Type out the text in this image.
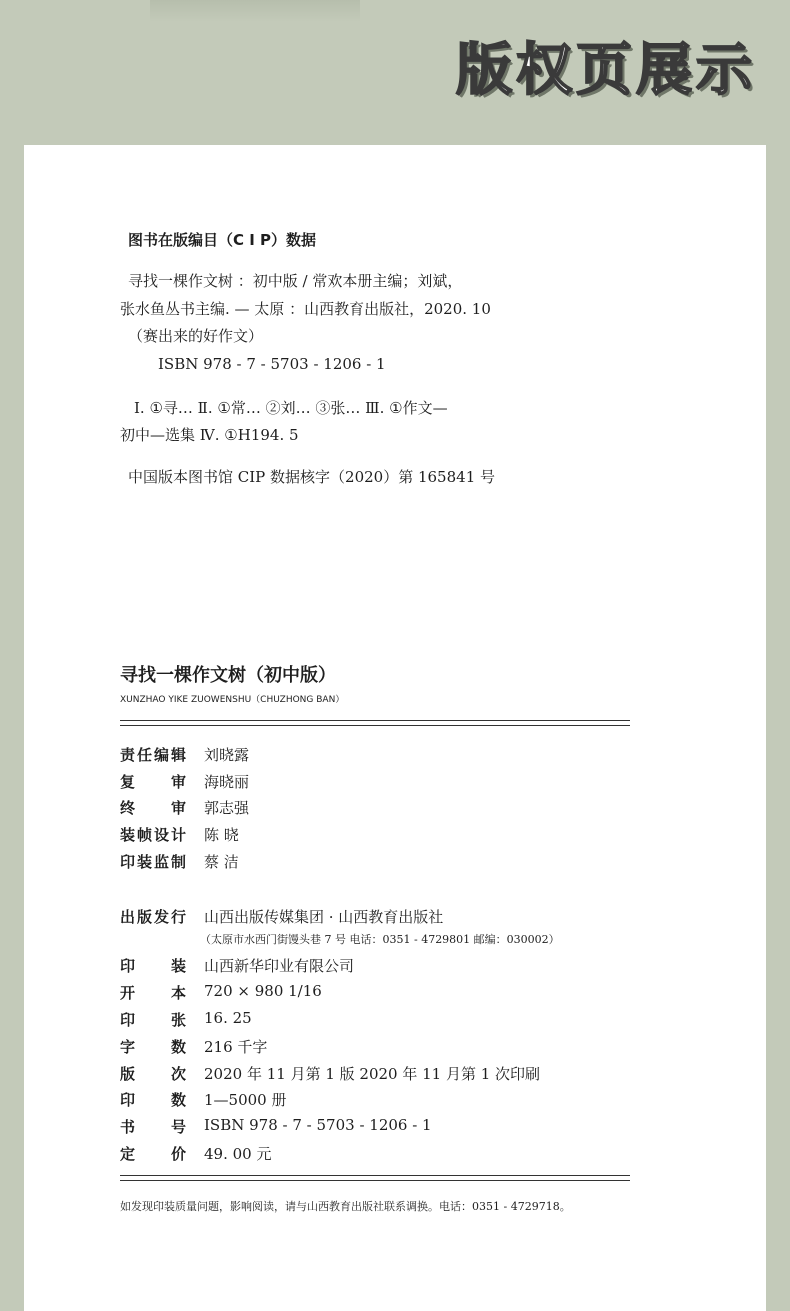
版权页展示
图书在版编目（C I P）数据
寻找一棵作文树 ：初中版 / 常欢本册主编；刘斌，
张水鱼丛书主编. — 太原 ：山西教育出版社，2020. 10
（赛出来的好作文）
ISBN 978 - 7 - 5703 - 1206 - 1
Ⅰ. ①寻… Ⅱ. ①常… ②刘… ③张… Ⅲ. ①作文—
初中—选集 Ⅳ. ①H194. 5
中国版本图书馆 CIP 数据核字（2020）第 165841 号
寻找一棵作文树（初中版）
XUNZHAO YIKE ZUOWENSHU（CHUZHONG BAN）
责 任 编 辑 刘晓露
复 审 海晓丽
终 审 郭志强
装 帧 设 计 陈 晓
印 装 监 制 蔡 洁
出 版 发 行 山西出版传媒集团 · 山西教育出版社
（太原市水西门街馒头巷 7 号 电话：0351 - 4729801 邮编：030002）
印 装 山西新华印业有限公司
开 本 720 × 980 1/16
印 张 16. 25
字 数 216 千字
版 次 2020 年 11 月第 1 版 2020 年 11 月第 1 次印刷
印 数 1—5000 册
书 号 ISBN 978 - 7 - 5703 - 1206 - 1
定 价 49. 00 元
如发现印装质量问题，影响阅读，请与山西教育出版社联系调换。电话：0351 - 4729718。
